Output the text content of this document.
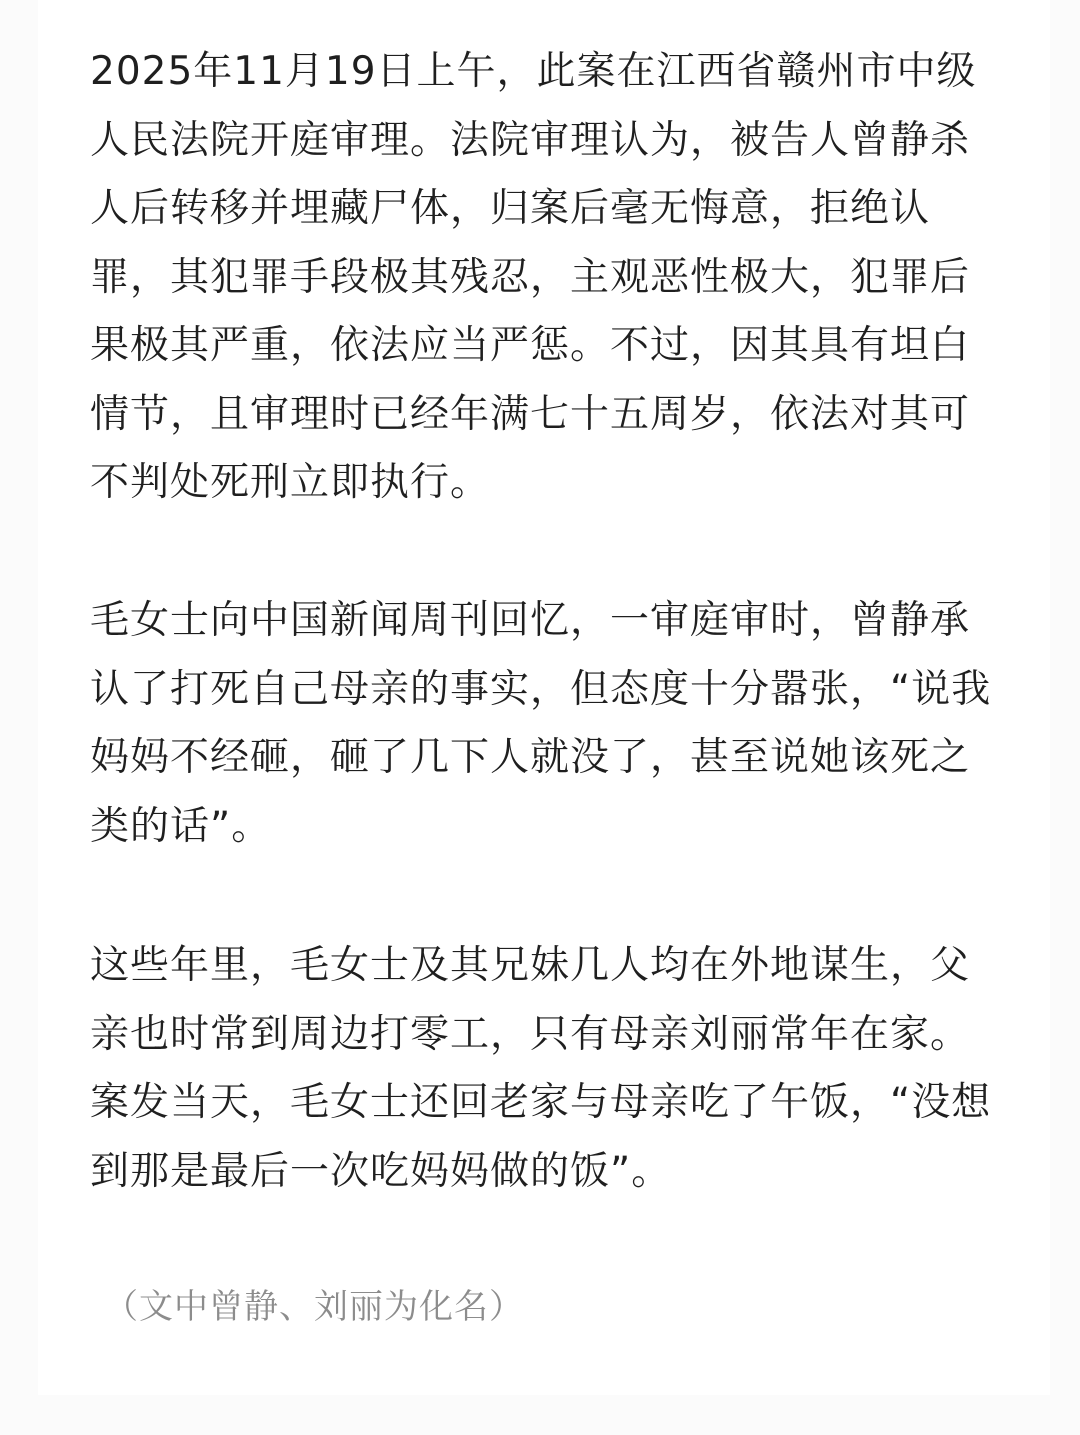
2025年11月19日上午，此案在江西省赣州市中级人民法院开庭审理。法院审理认为，被告人曾静杀人后转移并埋藏尸体，归案后毫无悔意，拒绝认罪，其犯罪手段极其残忍，主观恶性极大，犯罪后果极其严重，依法应当严惩。不过，因其具有坦白情节，且审理时已经年满七十五周岁，依法对其可不判处死刑立即执行。

毛女士向中国新闻周刊回忆，一审庭审时，曾静承认了打死自己母亲的事实，但态度十分嚣张，“说我妈妈不经砸，砸了几下人就没了，甚至说她该死之类的话”。

这些年里，毛女士及其兄妹几人均在外地谋生，父亲也时常到周边打零工，只有母亲刘丽常年在家。案发当天，毛女士还回老家与母亲吃了午饭，“没想到那是最后一次吃妈妈做的饭”。

（文中曾静、刘丽为化名）
